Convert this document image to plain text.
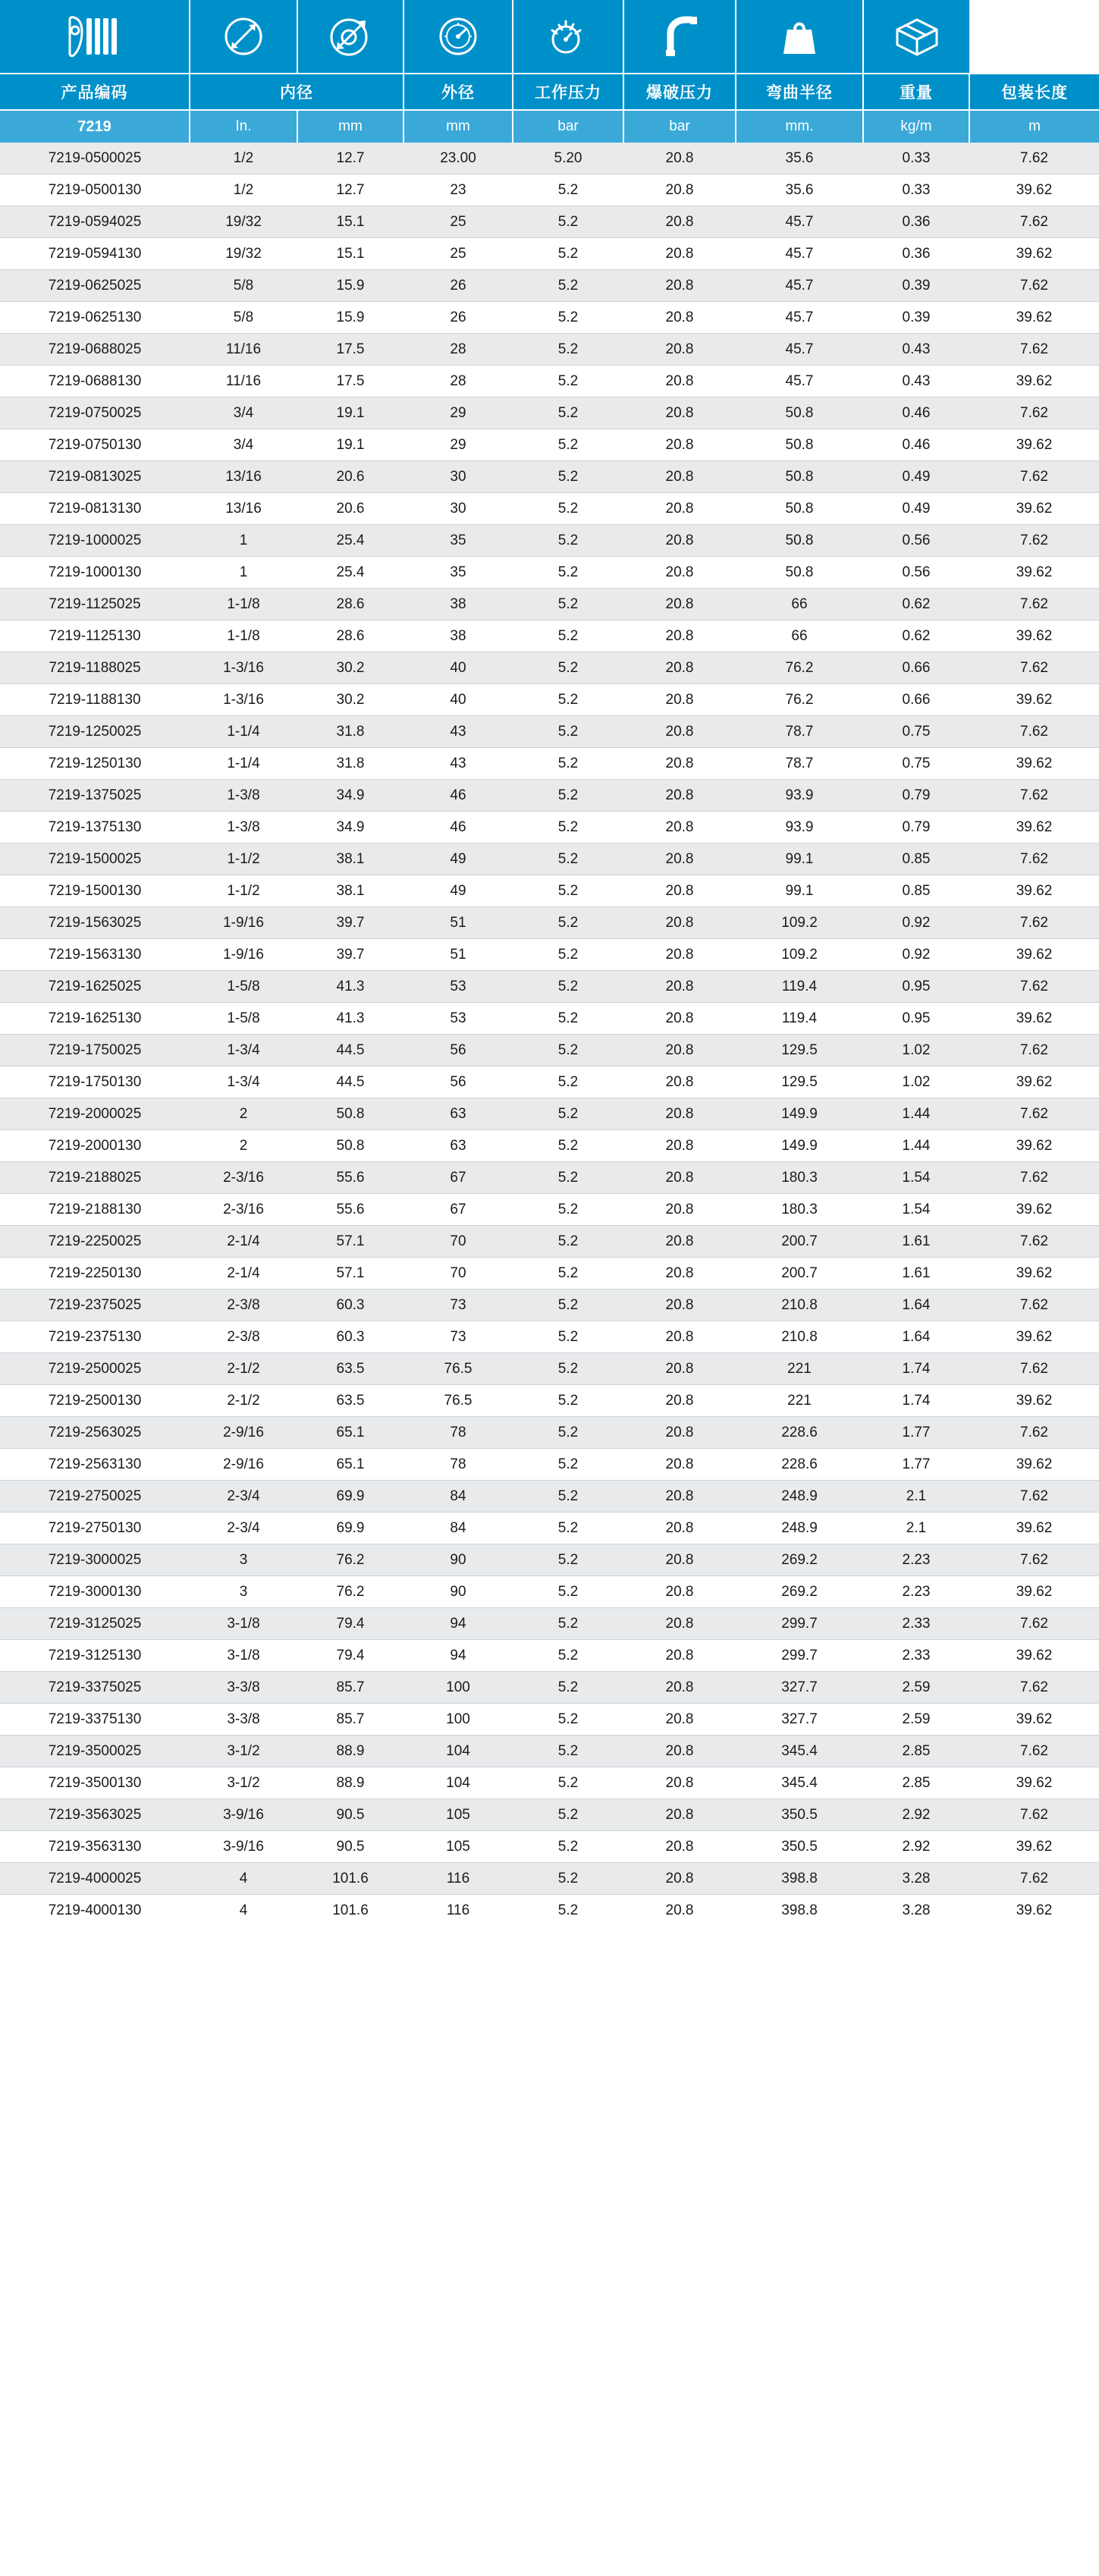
产品编码	内径		外径	工作压力	爆破压力	弯曲半径	重量	包装长度
7219	In.	mm	mm	bar	bar	mm.	kg/m	m
7219-0500025	1/2	12.7	23.00	5.20	20.8	35.6	0.33	7.62
7219-0500130	1/2	12.7	23	5.2	20.8	35.6	0.33	39.62
7219-0594025	19/32	15.1	25	5.2	20.8	45.7	0.36	7.62
7219-0594130	19/32	15.1	25	5.2	20.8	45.7	0.36	39.62
7219-0625025	5/8	15.9	26	5.2	20.8	45.7	0.39	7.62
7219-0625130	5/8	15.9	26	5.2	20.8	45.7	0.39	39.62
7219-0688025	11/16	17.5	28	5.2	20.8	45.7	0.43	7.62
7219-0688130	11/16	17.5	28	5.2	20.8	45.7	0.43	39.62
7219-0750025	3/4	19.1	29	5.2	20.8	50.8	0.46	7.62
7219-0750130	3/4	19.1	29	5.2	20.8	50.8	0.46	39.62
7219-0813025	13/16	20.6	30	5.2	20.8	50.8	0.49	7.62
7219-0813130	13/16	20.6	30	5.2	20.8	50.8	0.49	39.62
7219-1000025	1	25.4	35	5.2	20.8	50.8	0.56	7.62
7219-1000130	1	25.4	35	5.2	20.8	50.8	0.56	39.62
7219-1125025	1-1/8	28.6	38	5.2	20.8	66	0.62	7.62
7219-1125130	1-1/8	28.6	38	5.2	20.8	66	0.62	39.62
7219-1188025	1-3/16	30.2	40	5.2	20.8	76.2	0.66	7.62
7219-1188130	1-3/16	30.2	40	5.2	20.8	76.2	0.66	39.62
7219-1250025	1-1/4	31.8	43	5.2	20.8	78.7	0.75	7.62
7219-1250130	1-1/4	31.8	43	5.2	20.8	78.7	0.75	39.62
7219-1375025	1-3/8	34.9	46	5.2	20.8	93.9	0.79	7.62
7219-1375130	1-3/8	34.9	46	5.2	20.8	93.9	0.79	39.62
7219-1500025	1-1/2	38.1	49	5.2	20.8	99.1	0.85	7.62
7219-1500130	1-1/2	38.1	49	5.2	20.8	99.1	0.85	39.62
7219-1563025	1-9/16	39.7	51	5.2	20.8	109.2	0.92	7.62
7219-1563130	1-9/16	39.7	51	5.2	20.8	109.2	0.92	39.62
7219-1625025	1-5/8	41.3	53	5.2	20.8	119.4	0.95	7.62
7219-1625130	1-5/8	41.3	53	5.2	20.8	119.4	0.95	39.62
7219-1750025	1-3/4	44.5	56	5.2	20.8	129.5	1.02	7.62
7219-1750130	1-3/4	44.5	56	5.2	20.8	129.5	1.02	39.62
7219-2000025	2	50.8	63	5.2	20.8	149.9	1.44	7.62
7219-2000130	2	50.8	63	5.2	20.8	149.9	1.44	39.62
7219-2188025	2-3/16	55.6	67	5.2	20.8	180.3	1.54	7.62
7219-2188130	2-3/16	55.6	67	5.2	20.8	180.3	1.54	39.62
7219-2250025	2-1/4	57.1	70	5.2	20.8	200.7	1.61	7.62
7219-2250130	2-1/4	57.1	70	5.2	20.8	200.7	1.61	39.62
7219-2375025	2-3/8	60.3	73	5.2	20.8	210.8	1.64	7.62
7219-2375130	2-3/8	60.3	73	5.2	20.8	210.8	1.64	39.62
7219-2500025	2-1/2	63.5	76.5	5.2	20.8	221	1.74	7.62
7219-2500130	2-1/2	63.5	76.5	5.2	20.8	221	1.74	39.62
7219-2563025	2-9/16	65.1	78	5.2	20.8	228.6	1.77	7.62
7219-2563130	2-9/16	65.1	78	5.2	20.8	228.6	1.77	39.62
7219-2750025	2-3/4	69.9	84	5.2	20.8	248.9	2.1	7.62
7219-2750130	2-3/4	69.9	84	5.2	20.8	248.9	2.1	39.62
7219-3000025	3	76.2	90	5.2	20.8	269.2	2.23	7.62
7219-3000130	3	76.2	90	5.2	20.8	269.2	2.23	39.62
7219-3125025	3-1/8	79.4	94	5.2	20.8	299.7	2.33	7.62
7219-3125130	3-1/8	79.4	94	5.2	20.8	299.7	2.33	39.62
7219-3375025	3-3/8	85.7	100	5.2	20.8	327.7	2.59	7.62
7219-3375130	3-3/8	85.7	100	5.2	20.8	327.7	2.59	39.62
7219-3500025	3-1/2	88.9	104	5.2	20.8	345.4	2.85	7.62
7219-3500130	3-1/2	88.9	104	5.2	20.8	345.4	2.85	39.62
7219-3563025	3-9/16	90.5	105	5.2	20.8	350.5	2.92	7.62
7219-3563130	3-9/16	90.5	105	5.2	20.8	350.5	2.92	39.62
7219-4000025	4	101.6	116	5.2	20.8	398.8	3.28	7.62
7219-4000130	4	101.6	116	5.2	20.8	398.8	3.28	39.62
